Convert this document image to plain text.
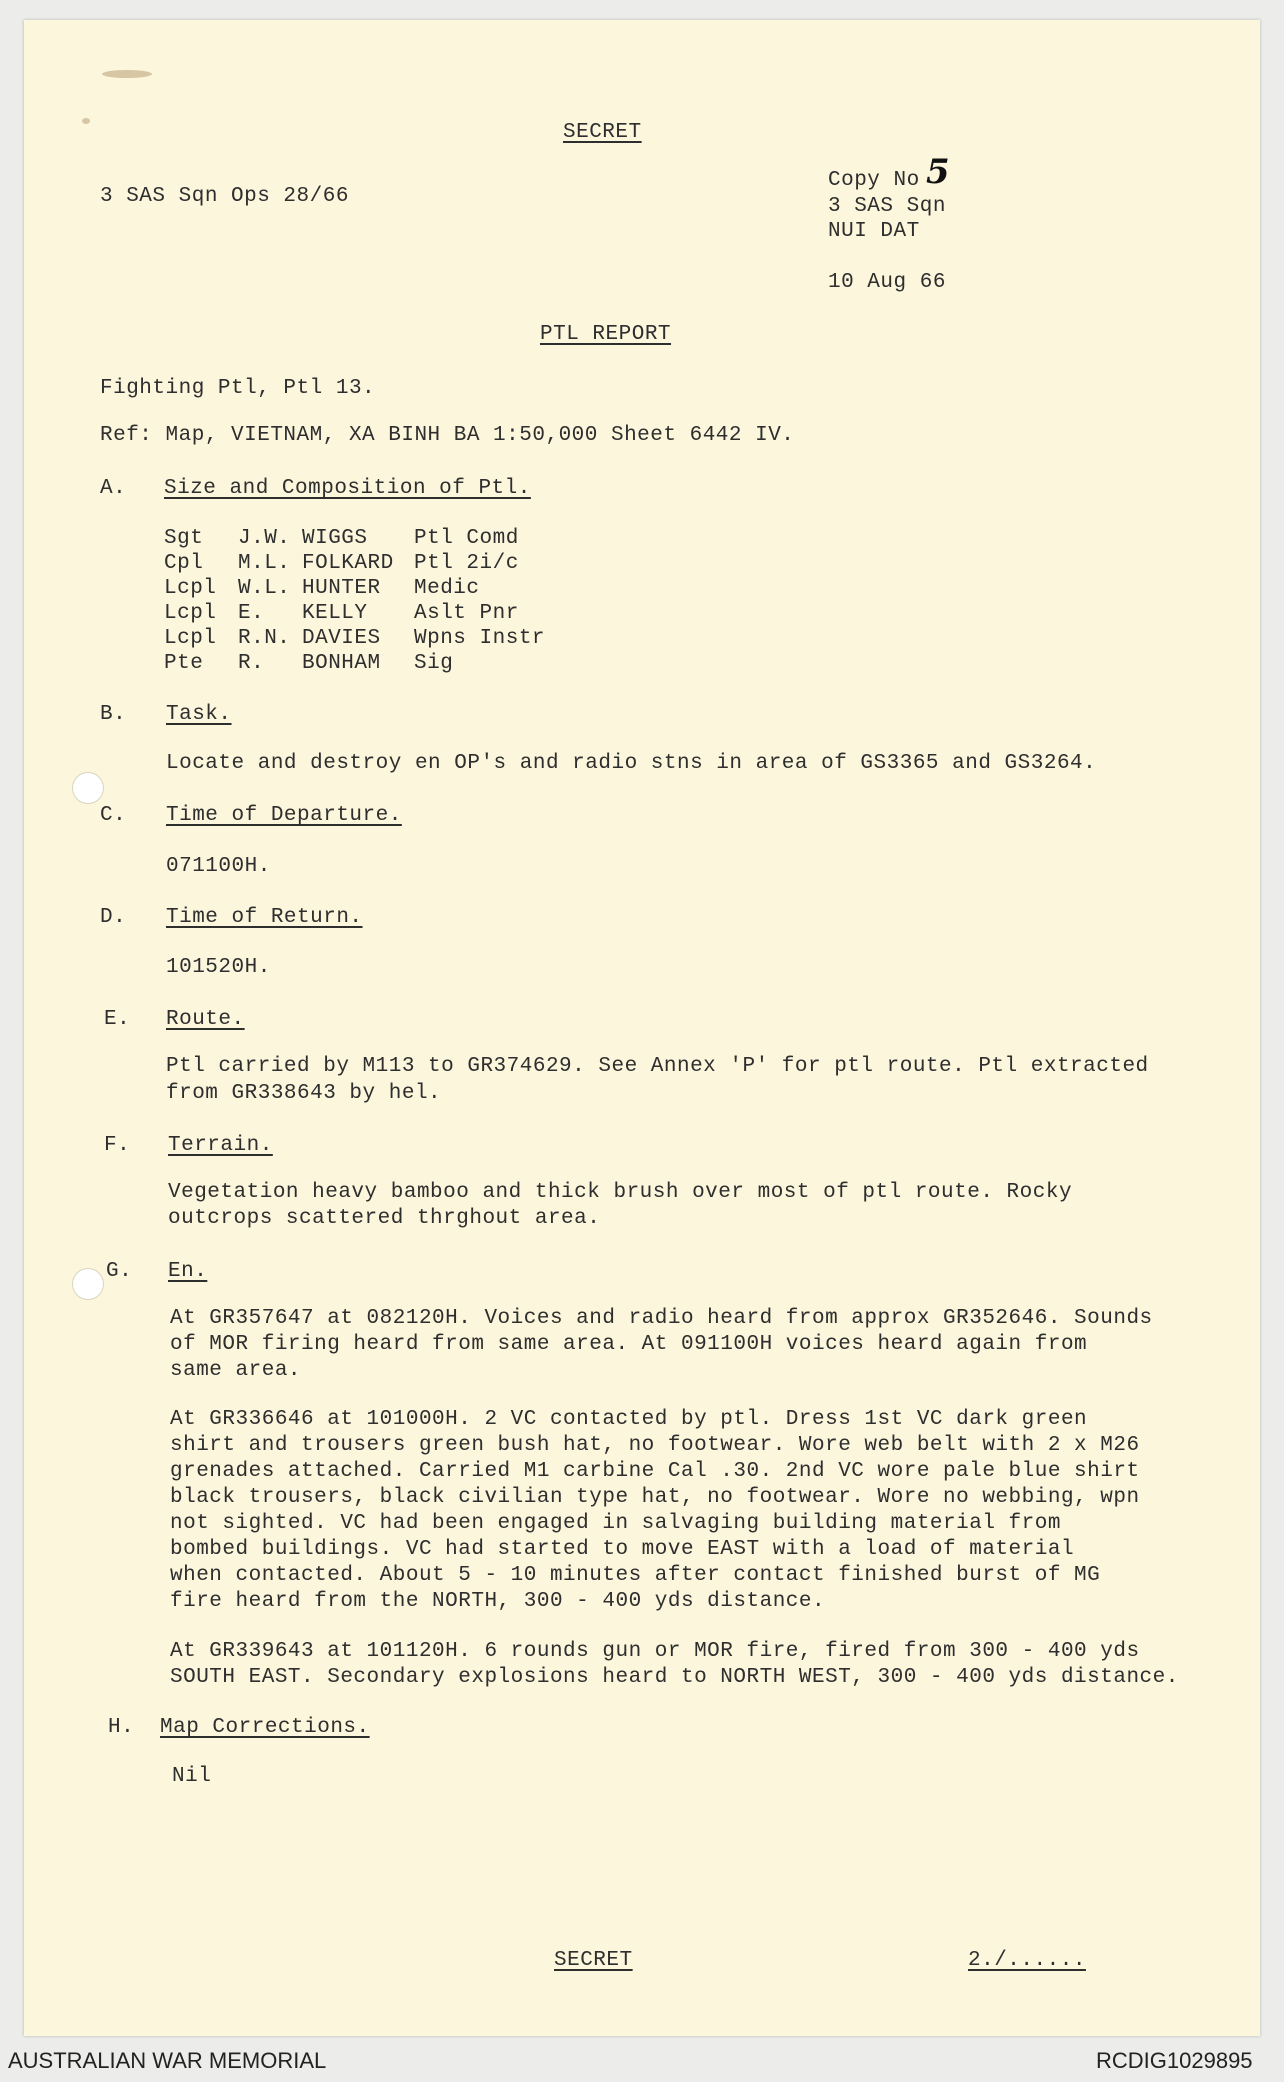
SECRET
3 SAS Sqn Ops 28/66
Copy No 5
3 SAS Sqn
NUI DAT
10 Aug 66
PTL REPORT
Fighting Ptl, Ptl 13.
Ref: Map, VIETNAM, XA BINH BA 1:50,000 Sheet 6442 IV.
A. Size and Composition of Ptl.
Sgt
Cpl
Lcpl
Lcpl
Lcpl
Pte
J.W.
M.L.
W.L.
E.
R.N.
R.
WIGGS
FOLKARD
HUNTER
KELLY
DAVIES
BONHAM
Ptl Comd
Ptl 2i/c
Medic
Aslt Pnr
Wpns Instr
Sig
B. Task.
Locate and destroy en OP's and radio stns in area of GS3365 and GS3264.
C. Time of Departure.
071100H.
D. Time of Return.
101520H.
E. Route.
Ptl carried by M113 to GR374629. See Annex 'P' for ptl route. Ptl extracted
from GR338643 by hel.
F. Terrain.
Vegetation heavy bamboo and thick brush over most of ptl route. Rocky
outcrops scattered thrghout area.
G. En.
At GR357647 at 082120H. Voices and radio heard from approx GR352646. Sounds
of MOR firing heard from same area. At 091100H voices heard again from
same area.
At GR336646 at 101000H. 2 VC contacted by ptl. Dress 1st VC dark green
shirt and trousers green bush hat, no footwear. Wore web belt with 2 x M26
grenades attached. Carried M1 carbine Cal .30. 2nd VC wore pale blue shirt
black trousers, black civilian type hat, no footwear. Wore no webbing, wpn
not sighted. VC had been engaged in salvaging building material from
bombed buildings. VC had started to move EAST with a load of material
when contacted. About 5 - 10 minutes after contact finished burst of MG
fire heard from the NORTH, 300 - 400 yds distance.
At GR339643 at 101120H. 6 rounds gun or MOR fire, fired from 300 - 400 yds
SOUTH EAST. Secondary explosions heard to NORTH WEST, 300 - 400 yds distance.
H. Map Corrections.
Nil
SECRET	2./......
AUSTRALIAN WAR MEMORIAL	RCDIG1029895
